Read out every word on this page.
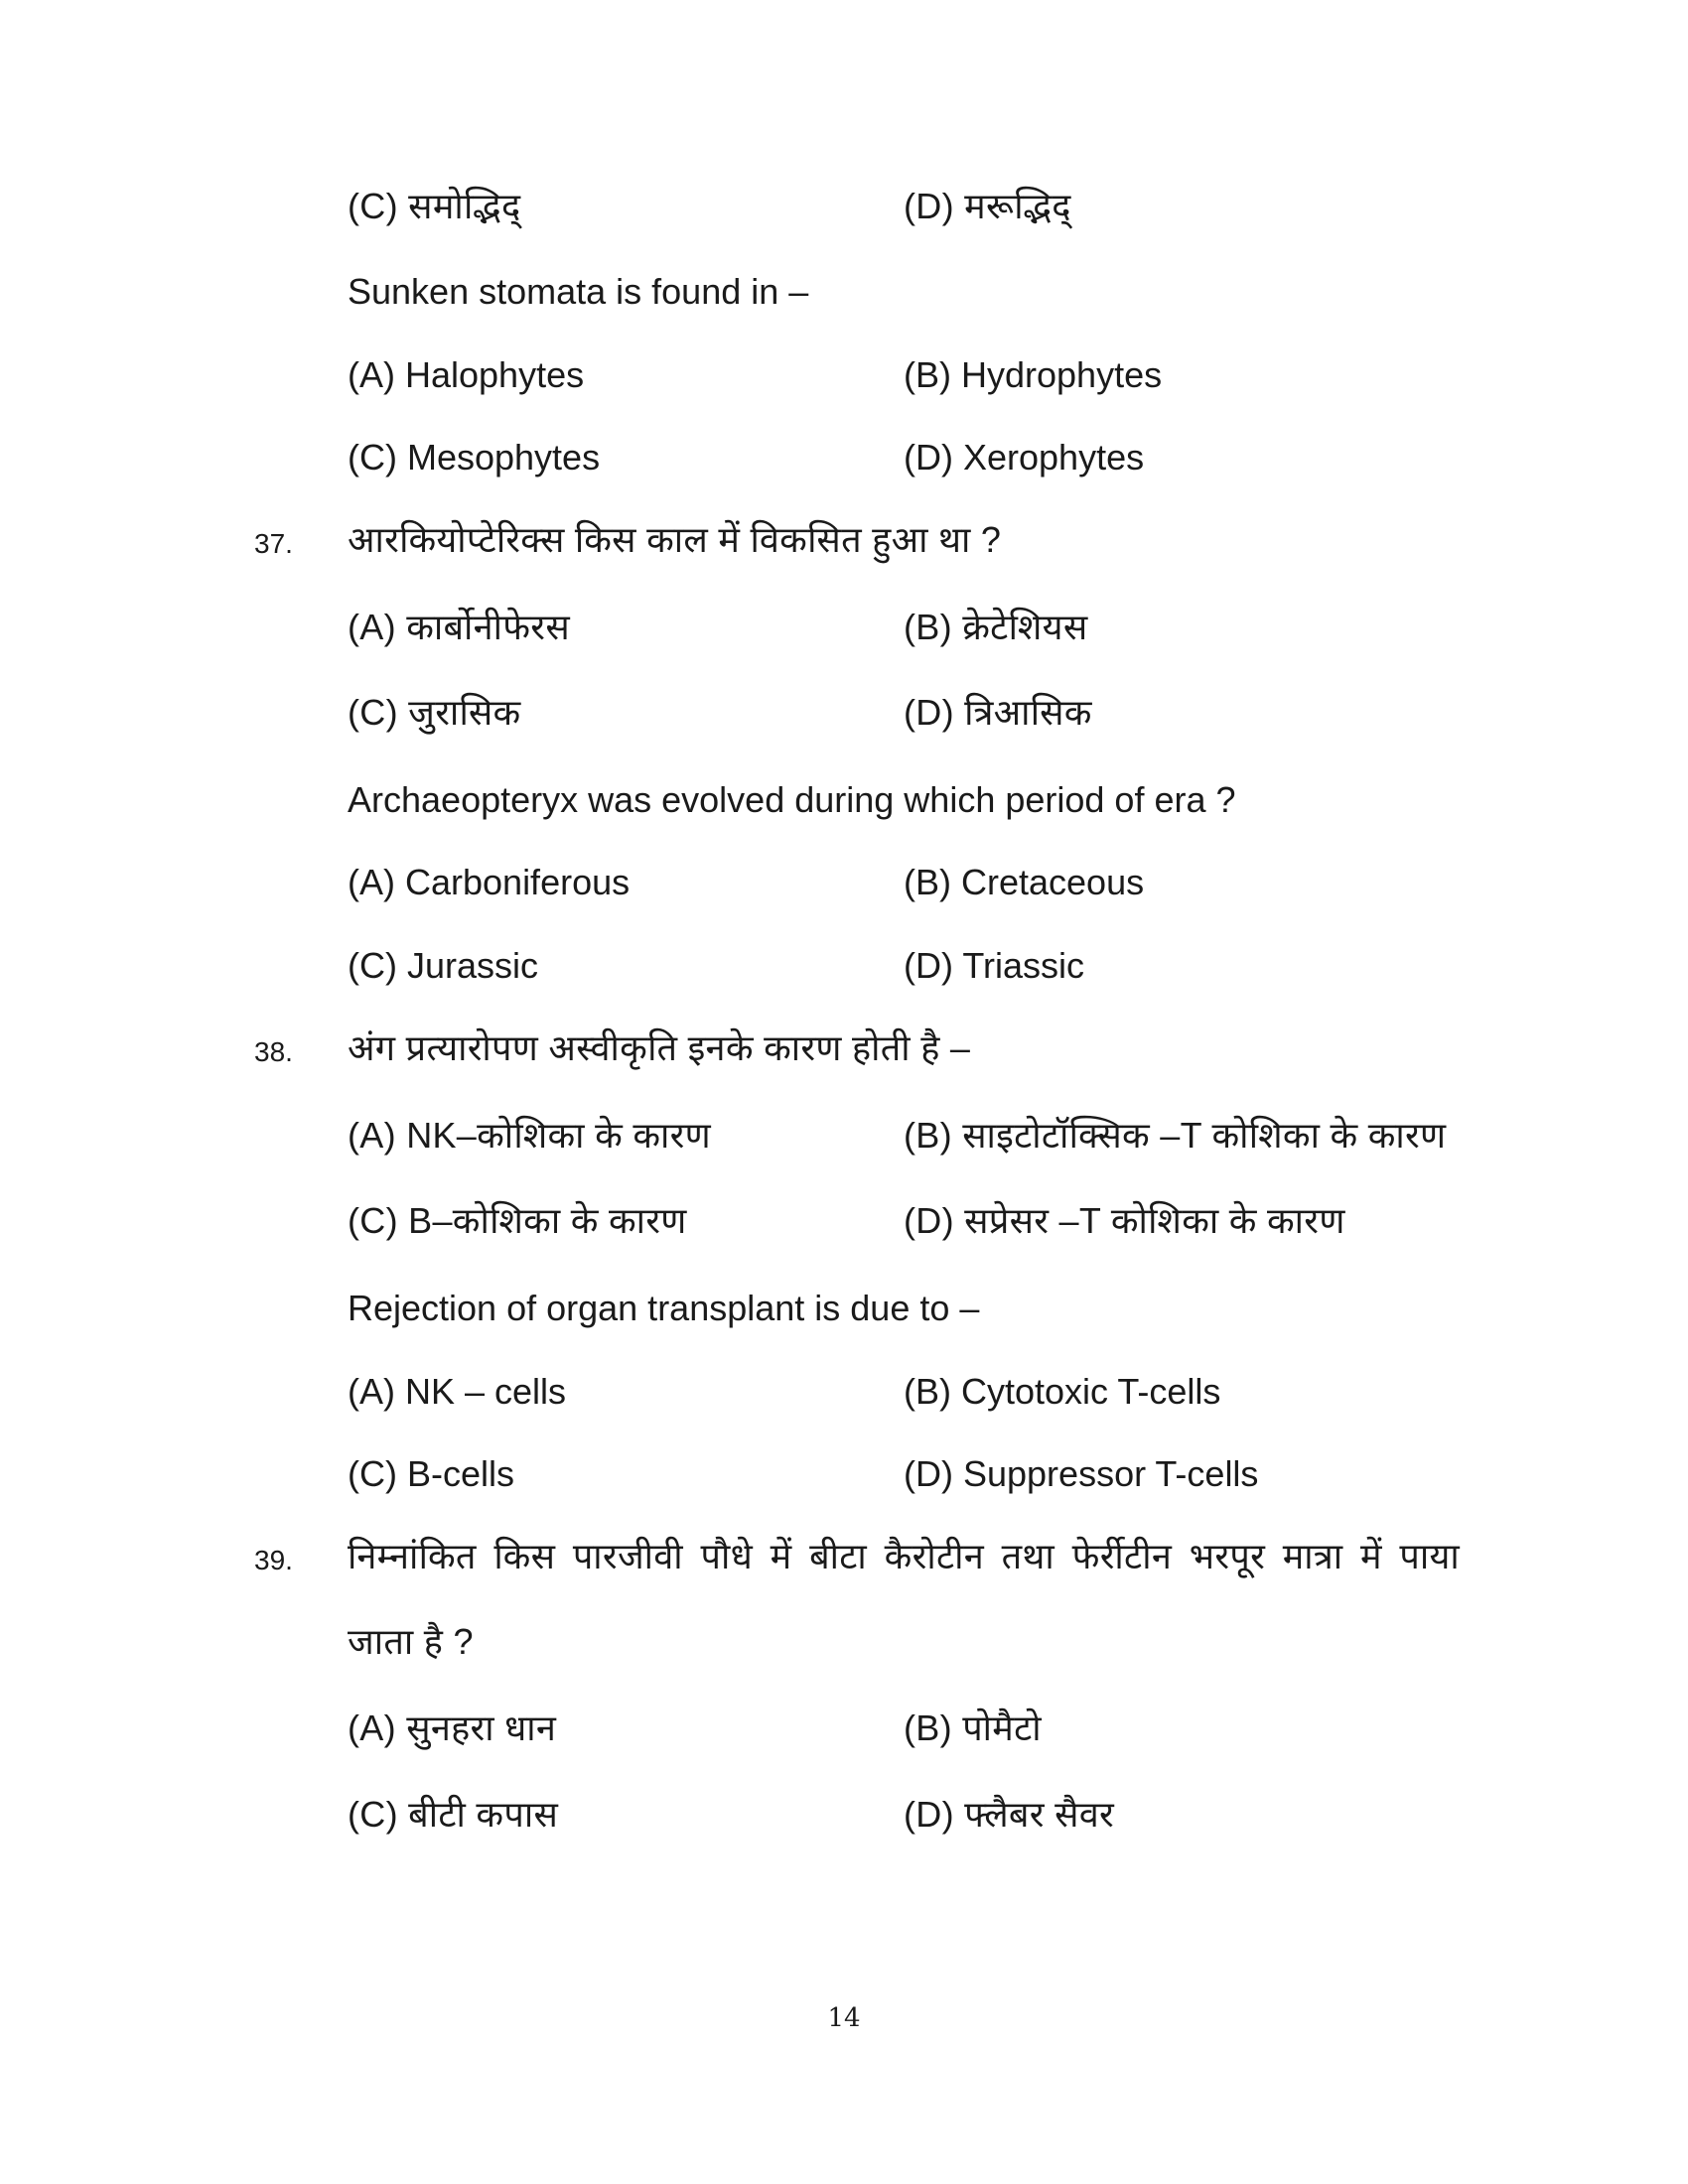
(C) समोद्भिद्	(D) मरूद्भिद्
Sunken stomata is found in –
(A) Halophytes	(B) Hydrophytes
(C) Mesophytes	(D) Xerophytes
37. आरकियोप्टेरिक्स किस काल में विकसित हुआ था ?
(A) कार्बोनीफेरस	(B) क्रेटेशियस
(C) जुरासिक	(D) त्रिआसिक
Archaeopteryx was evolved during which period of era ?
(A) Carboniferous	(B) Cretaceous
(C) Jurassic	(D) Triassic
38. अंग प्रत्यारोपण अस्वीकृति इनके कारण होती है –
(A) NK–कोशिका के कारण	(B) साइटोटॉक्सिक –T कोशिका के कारण
(C) B–कोशिका के कारण	(D) सप्रेसर –T कोशिका के कारण
Rejection of organ transplant is due to –
(A) NK – cells	(B) Cytotoxic T-cells
(C) B-cells	(D) Suppressor T-cells
39. निम्नांकित किस पारजीवी पौधे में बीटा कैरोटीन तथा फेर्रीटीन भरपूर मात्रा में पाया
जाता है ?
(A) सुनहरा धान	(B) पोमैटो
(C) बीटी कपास	(D) फ्लैबर सैवर
14
